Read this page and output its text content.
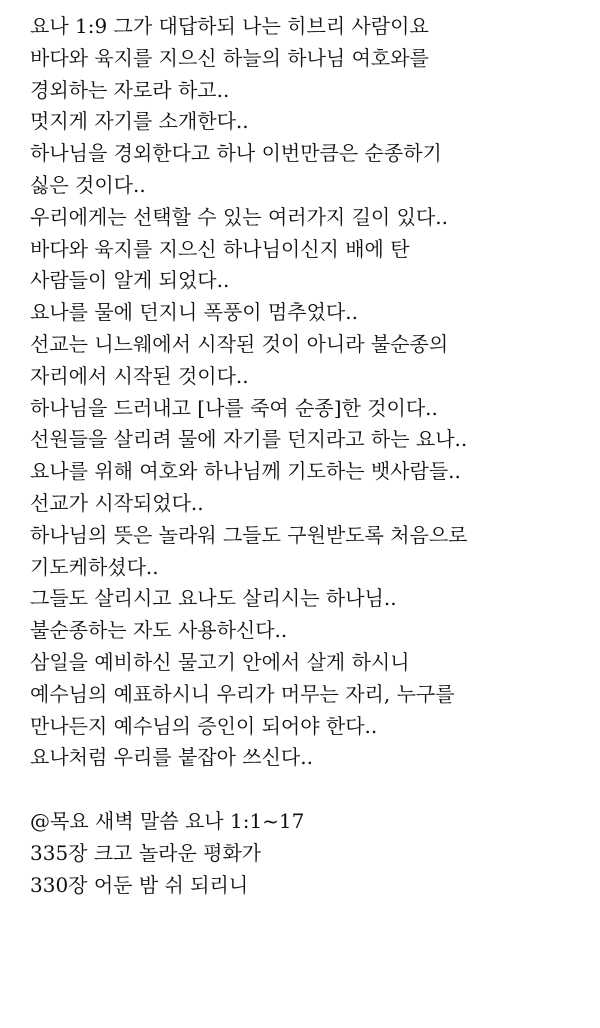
요나 1:9 그가 대답하되 나는 히브리 사람이요
바다와 육지를 지으신 하늘의 하나님 여호와를
경외하는 자로라 하고..
멋지게 자기를 소개한다..
하나님을 경외한다고 하나 이번만큼은 순종하기
싫은 것이다..
우리에게는 선택할 수 있는 여러가지 길이 있다..
바다와 육지를 지으신 하나님이신지 배에 탄
사람들이 알게 되었다..
요나를 물에 던지니 폭풍이 멈추었다..
선교는 니느웨에서 시작된 것이 아니라 불순종의
자리에서 시작된 것이다..
하나님을 드러내고 [나를 죽여 순종]한 것이다..
선원들을 살리려 물에 자기를 던지라고 하는 요나..
요나를 위해 여호와 하나님께 기도하는 뱃사람들..
선교가 시작되었다..
하나님의 뜻은 놀라워 그들도 구원받도록 처음으로
기도케하셨다..
그들도 살리시고 요나도 살리시는 하나님..
불순종하는 자도 사용하신다..
삼일을 예비하신 물고기 안에서 살게 하시니
예수님의 예표하시니 우리가 머무는 자리, 누구를
만나든지 예수님의 증인이 되어야 한다..
요나처럼 우리를 붙잡아 쓰신다..
@목요 새벽 말씀 요나 1:1~17
335장 크고 놀라운 평화가
330장 어둔 밤 쉬 되리니
